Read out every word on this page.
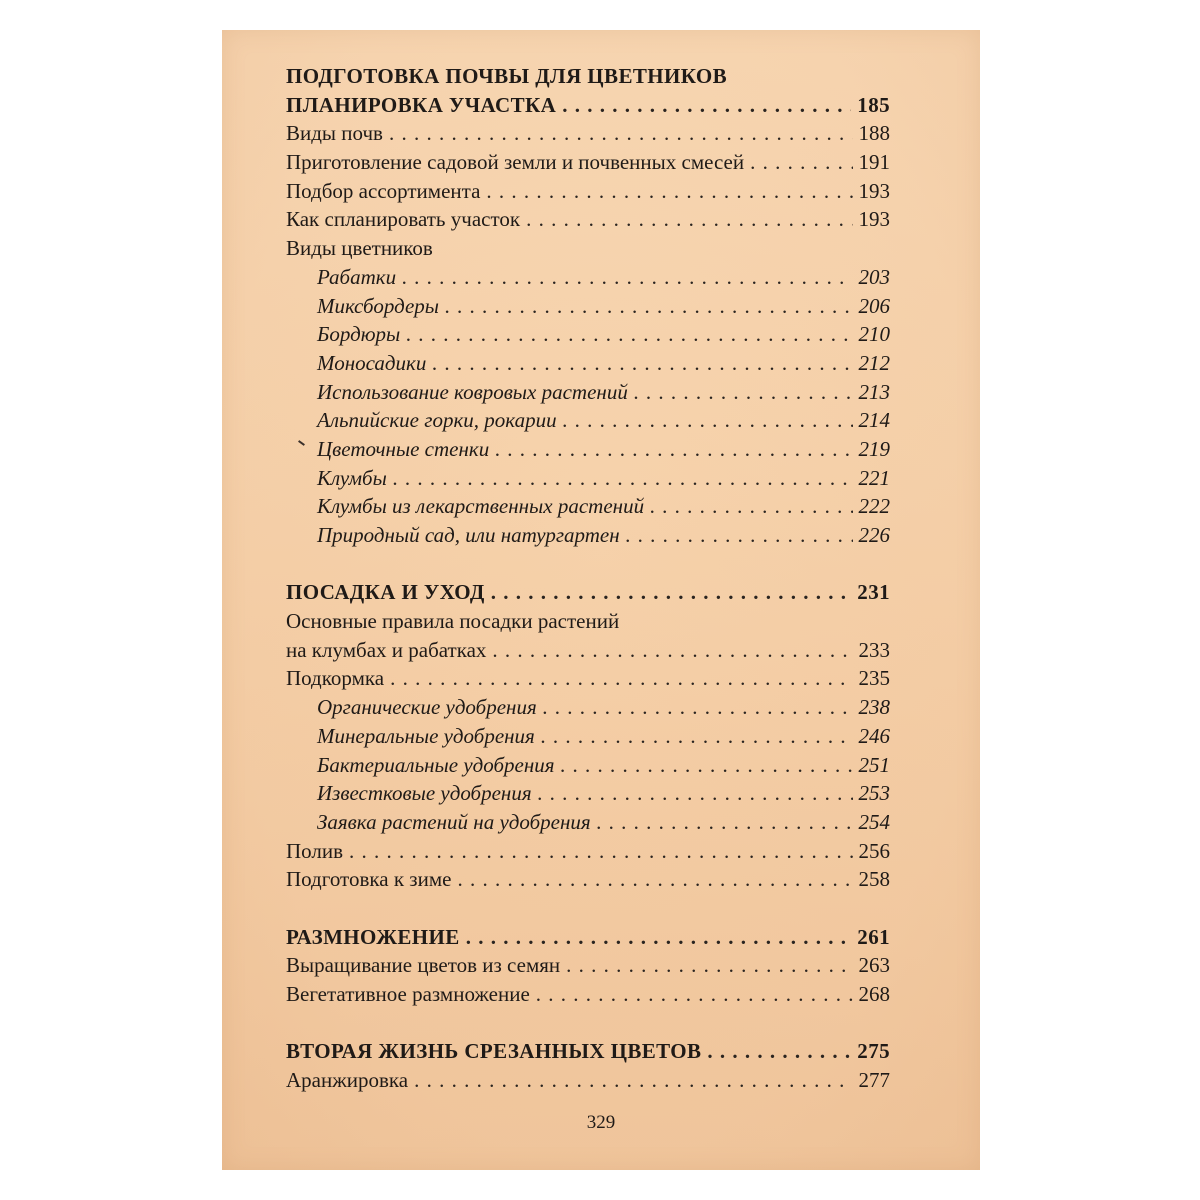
ПОДГОТОВКА ПОЧВЫ ДЛЯ ЦВЕТНИКОВ
ПЛАНИРОВКА УЧАСТКА . . .	185
Виды почв . . .	188
Приготовление садовой земли и почвенных смесей . . .	191
Подбор ассортимента . . .	193
Как спланировать участок . . .	193
Виды цветников
Рабатки . . .	203
Миксбордеры . . .	206
Бордюры . . .	210
Моносадики . . .	212
Использование ковровых растений . . .	213
Альпийские горки, рокарии . . .	214
Цветочные стенки . . .	219
Клумбы . . .	221
Клумбы из лекарственных растений . . .	222
Природный сад, или натургартен . . .	226
ПОСАДКА И УХОД . . .	231
Основные правила посадки растений
на клумбах и рабатках . . .	233
Подкормка . . .	235
Органические удобрения . . .	238
Минеральные удобрения . . .	246
Бактериальные удобрения . . .	251
Известковые удобрения . . .	253
Заявка растений на удобрения . . .	254
Полив . . .	256
Подготовка к зиме . . .	258
РАЗМНОЖЕНИЕ . . .	261
Выращивание цветов из семян . . .	263
Вегетативное размножение . . .	268
ВТОРАЯ ЖИЗНЬ СРЕЗАННЫХ ЦВЕТОВ . . .	275
Аранжировка . . .	277
329
